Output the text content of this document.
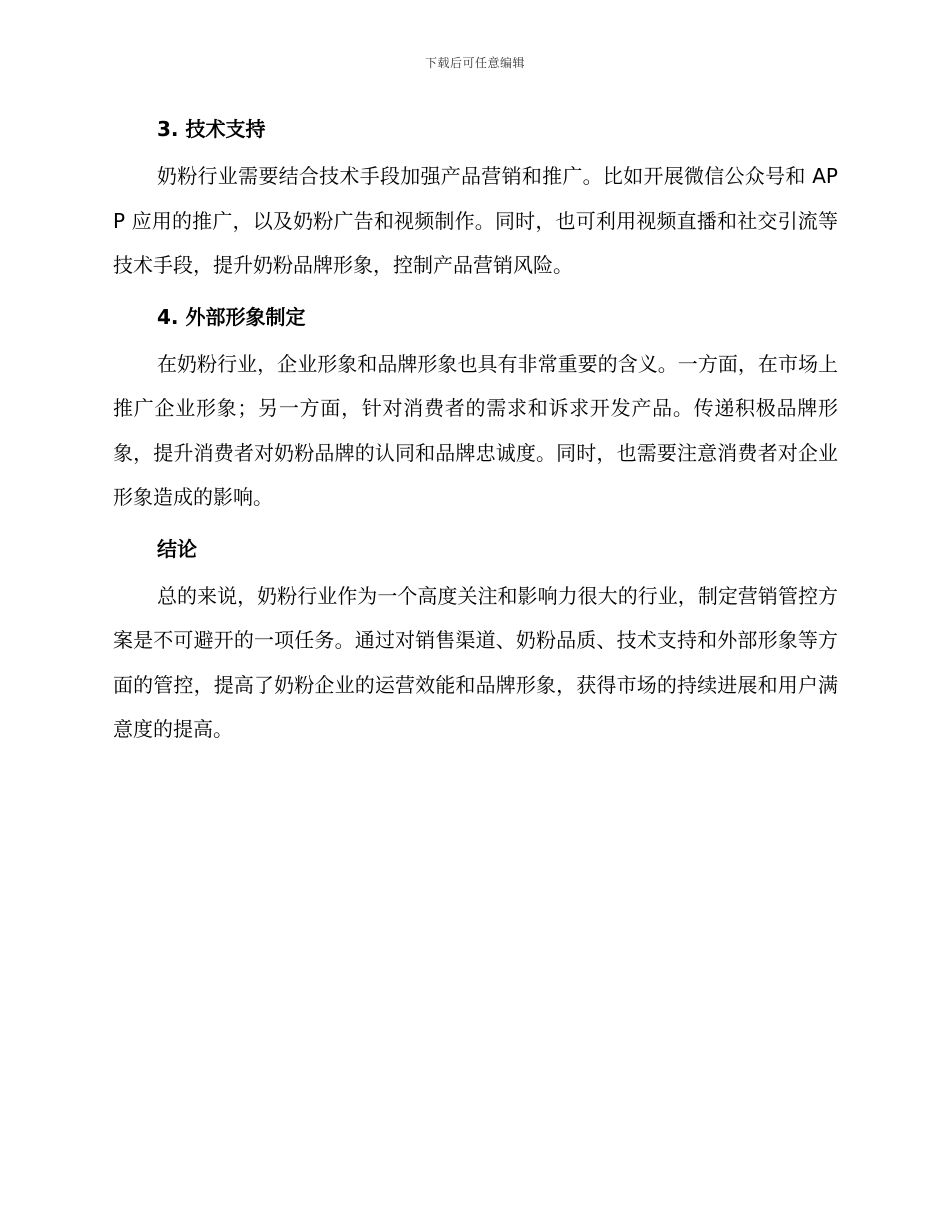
下载后可任意编辑
3. 技术支持

奶粉行业需要结合技术手段加强产品营销和推广。比如开展微信公众号和 APP 应用的推广，以及奶粉广告和视频制作。同时，也可利用视频直播和社交引流等技术手段，提升奶粉品牌形象，控制产品营销风险。

4. 外部形象制定

在奶粉行业，企业形象和品牌形象也具有非常重要的含义。一方面，在市场上推广企业形象；另一方面，针对消费者的需求和诉求开发产品。传递积极品牌形象，提升消费者对奶粉品牌的认同和品牌忠诚度。同时，也需要注意消费者对企业形象造成的影响。

结论

总的来说，奶粉行业作为一个高度关注和影响力很大的行业，制定营销管控方案是不可避开的一项任务。通过对销售渠道、奶粉品质、技术支持和外部形象等方面的管控，提高了奶粉企业的运营效能和品牌形象，获得市场的持续进展和用户满意度的提高。
